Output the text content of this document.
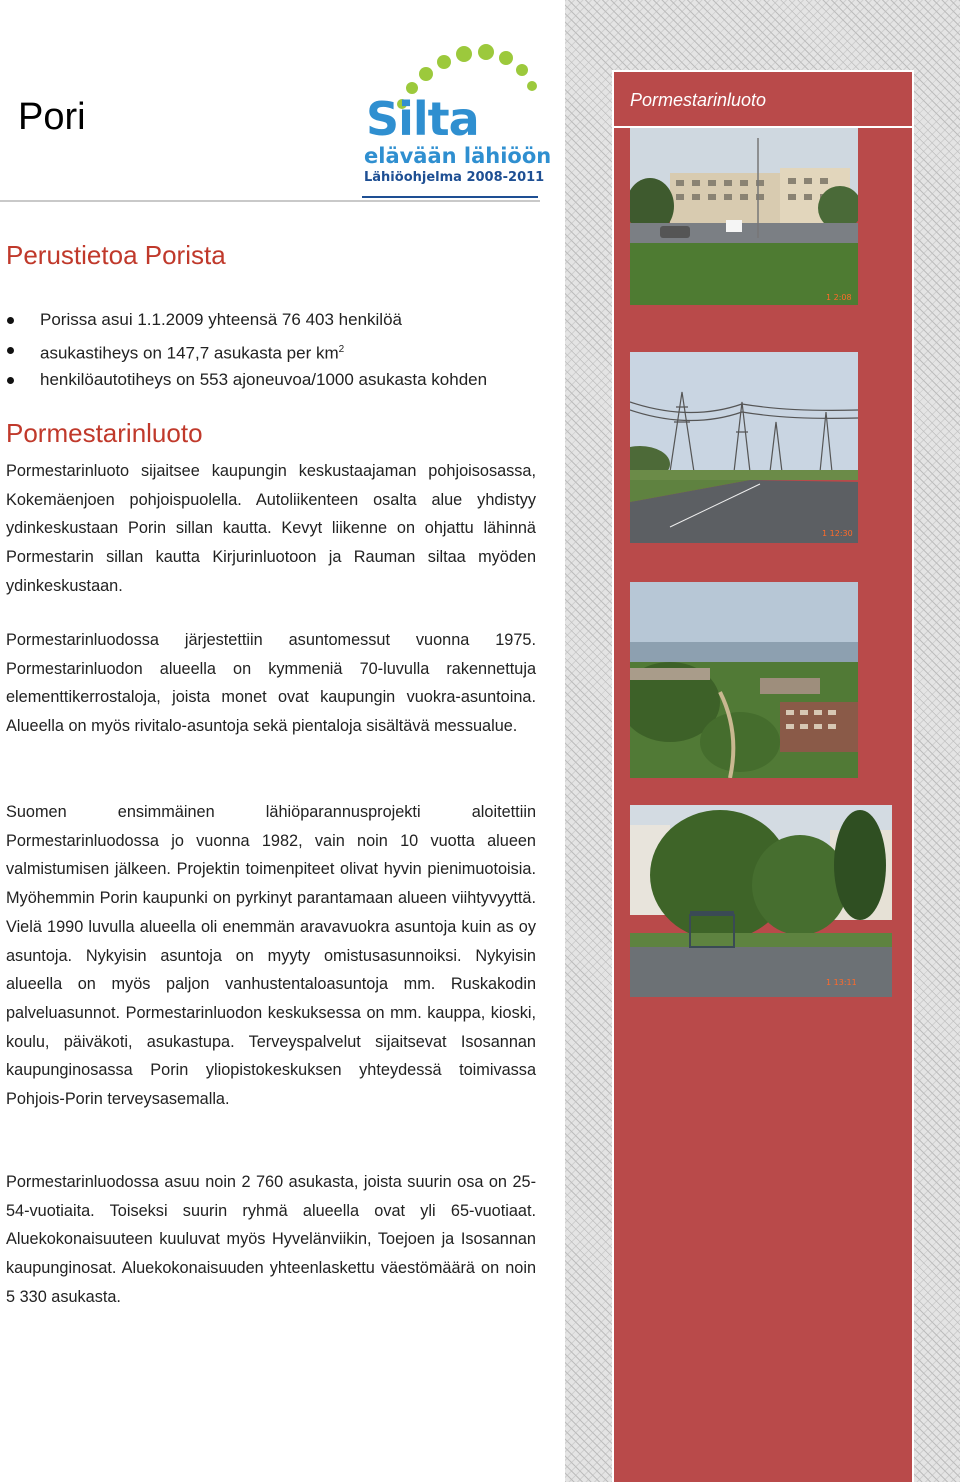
Pori	Silta
elävään lähiöön
Lähiöohjelma 2008-2011
Perustietoa Porista
Porissa asui 1.1.2009 yhteensä 76 403 henkilöä
asukastiheys on 147,7 asukasta per $km^2$
henkilöautotiheys on 553 ajoneuvoa/1000 asukasta kohden
Pormestarinluoto

Pormestarinluoto sijaitsee kaupungin keskustaajaman pohjoisosassa, Kokemäenjoen pohjoispuolella. Autoliikenteen osalta alue yhdistyy ydinkeskustaan Porin sillan kautta. Kevyt liikenne on ohjattu lähinnä Pormestarin sillan kautta Kirjurinluotoon ja Rauman siltaa myöden ydinkeskustaan.

Pormestarinluodossa järjestettiin asuntomessut vuonna 1975. Pormestarinluodon alueella on kymmeniä 70-luvulla rakennettuja elementtikerrostaloja, joista monet ovat kaupungin vuokra-asuntoina. Alueella on myös rivitalo-asuntoja sekä pientaloja sisältävä messualue.

Suomen ensimmäinen lähiöparannusprojekti aloitettiin Pormestarinluodossa jo vuonna 1982, vain noin 10 vuotta alueen valmistumisen jälkeen. Projektin toimenpiteet olivat hyvin pienimuotoisia. Myöhemmin Porin kaupunki on pyrkinyt parantamaan alueen viihtyvyyttä. Vielä 1990 luvulla alueella oli enemmän aravavuokra asuntoja kuin as oy asuntoja. Nykyisin asuntoja on myyty omistusasunnoiksi. Nykyisin alueella on myös paljon vanhustentaloasuntoja mm. Ruskakodin palveluasunnot. Pormestarinluodon keskuksessa on mm. kauppa, kioski, koulu, päiväkoti, asukastupa. Terveyspalvelut sijaitsevat Isosannan kaupunginosassa Porin yliopistokeskuksen yhteydessä toimivassa Pohjois-Porin terveysasemalla.

Pormestarinluodossa asuu noin 2 760 asukasta, joista suurin osa on 25-54-vuotiaita. Toiseksi suurin ryhmä alueella ovat yli 65-vuotiaat. Aluekokonaisuuteen kuuluvat myös Hyvelänviikin, Toejoen ja Isosannan kaupunginosat. Aluekokonaisuuden yhteenlaskettu väestömäärä on noin 5 330 asukasta.

Pormestarinluoto
1 2:08
1 12:30
1 13:11
